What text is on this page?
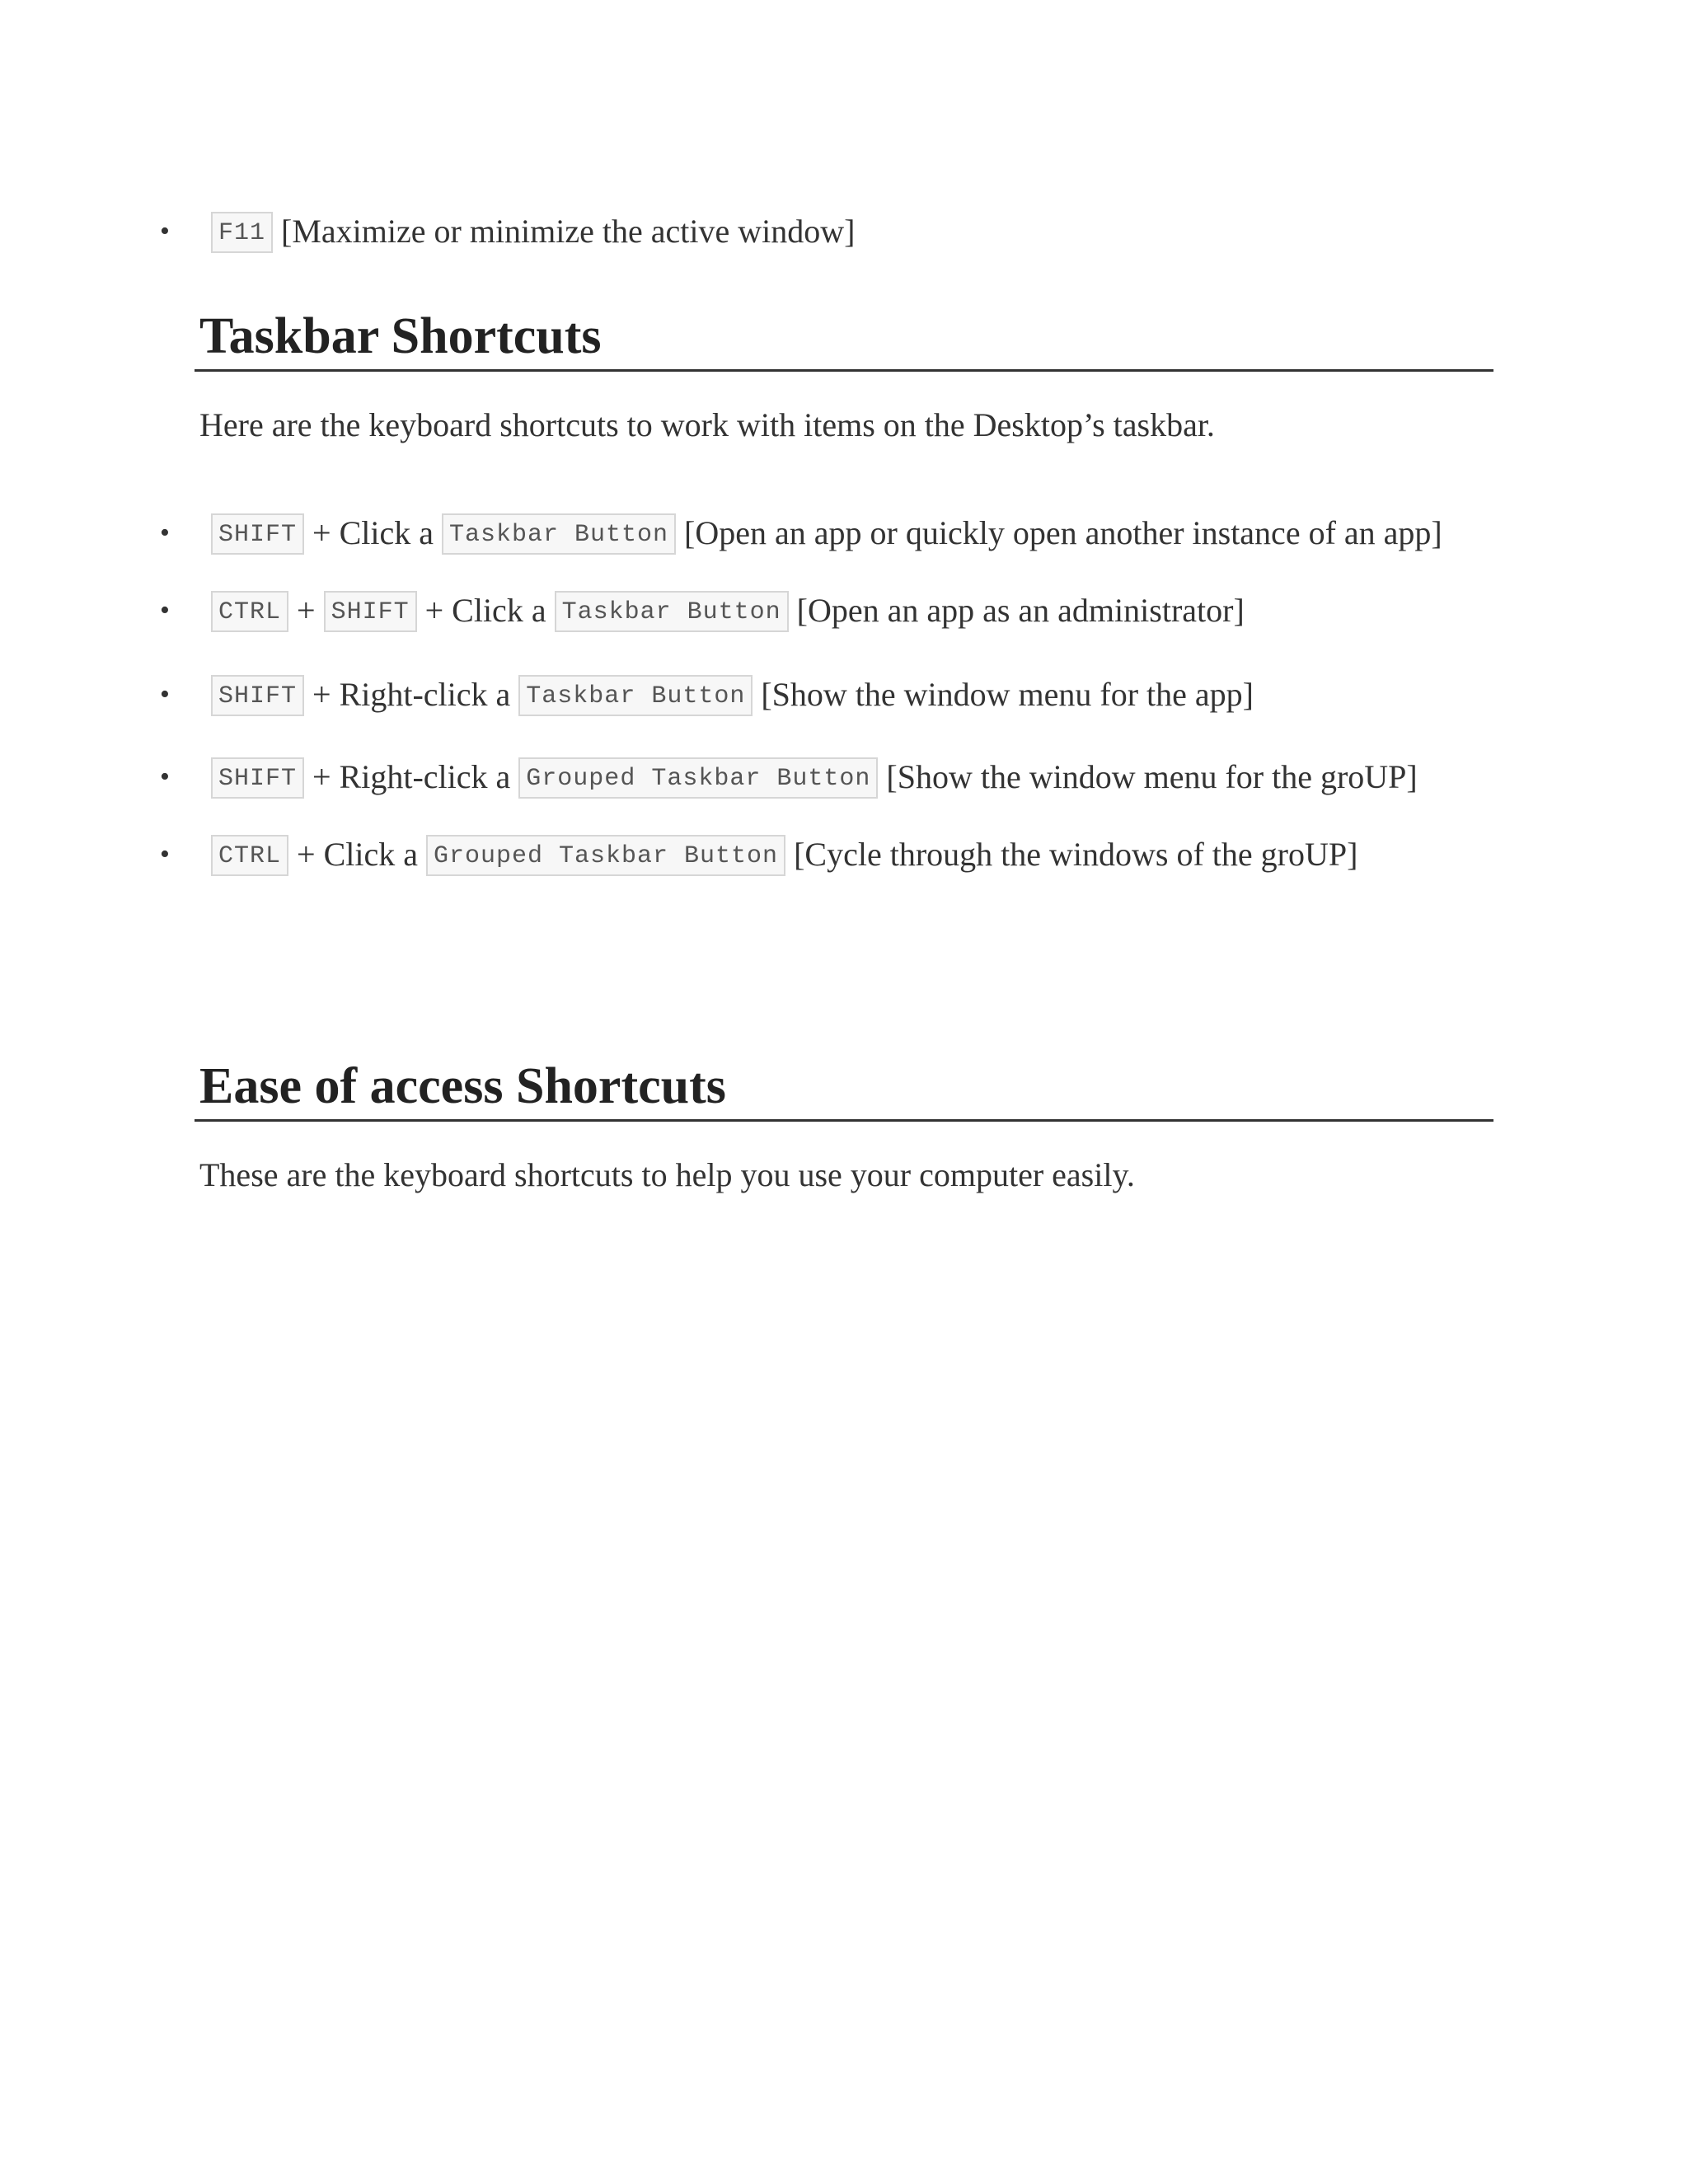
• F11 [Maximize or minimize the active window]
Taskbar Shortcuts

Here are the keyboard shortcuts to work with items on the Desktop’s taskbar.

• SHIFT + Click a Taskbar Button [Open an app or quickly open another instance of an app]
• CTRL + SHIFT + Click a Taskbar Button [Open an app as an administrator]
• SHIFT + Right-click a Taskbar Button [Show the window menu for the app]
• SHIFT + Right-click a Grouped Taskbar Button [Show the window menu for the groUP]
• CTRL + Click a Grouped Taskbar Button [Cycle through the windows of the groUP]
Ease of access Shortcuts

These are the keyboard shortcuts to help you use your computer easily.
